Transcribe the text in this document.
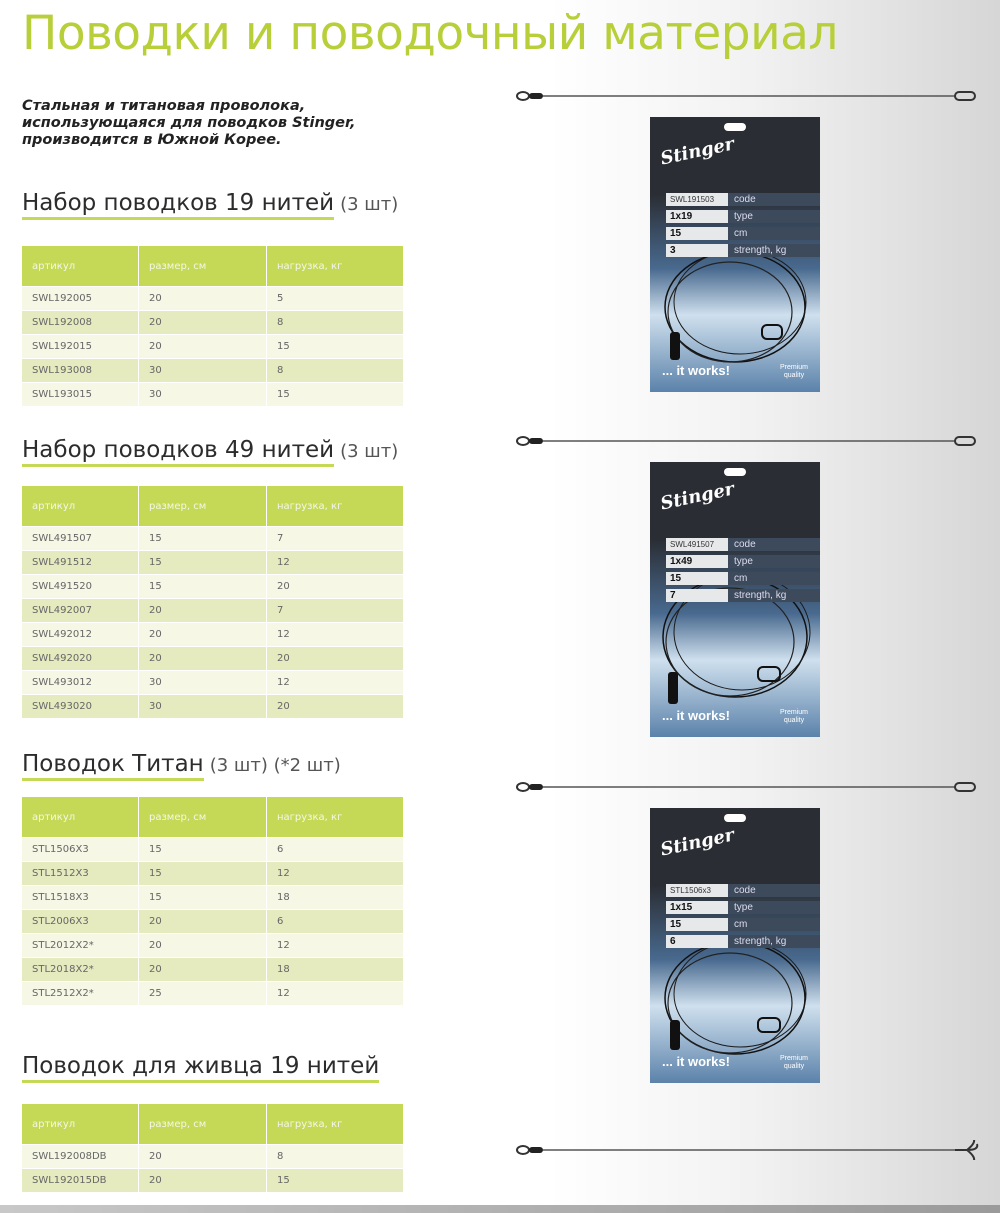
Поводки и поводочный материал

Стальная и титановая проволока,
использующаяся для поводков Stinger,
производится в Южной Корее.

Набор поводков 19 нитей (3 шт)
артикул	размер, см	нагрузка, кг
SWL192005	20	5
SWL192008	20	8
SWL192015	20	15
SWL193008	30	8
SWL193015	30	15
Набор поводков 49 нитей (3 шт)
артикул	размер, см	нагрузка, кг
SWL491507	15	7
SWL491512	15	12
SWL491520	15	20
SWL492007	20	7
SWL492012	20	12
SWL492020	20	20
SWL493012	30	12
SWL493020	30	20
Поводок Титан (3 шт) (*2 шт)
артикул	размер, см	нагрузка, кг
STL1506X3	15	6
STL1512X3	15	12
STL1518X3	15	18
STL2006X3	20	6
STL2012X2*	20	12
STL2018X2*	20	18
STL2512X2*	25	12
Поводок для живца 19 нитей
артикул	размер, см	нагрузка, кг
SWL192008DB	20	8
SWL192015DB	20	15
Stinger
SWL191503	code
1x19	type
15	cm
3	strength, kg
... it works!	Premium quality
Stinger
SWL491507	code
1x49	type
15	cm
7	strength, kg
... it works!	Premium quality
Stinger
STL1506x3	code
1x15	type
15	cm
6	strength, kg
... it works!	Premium quality
